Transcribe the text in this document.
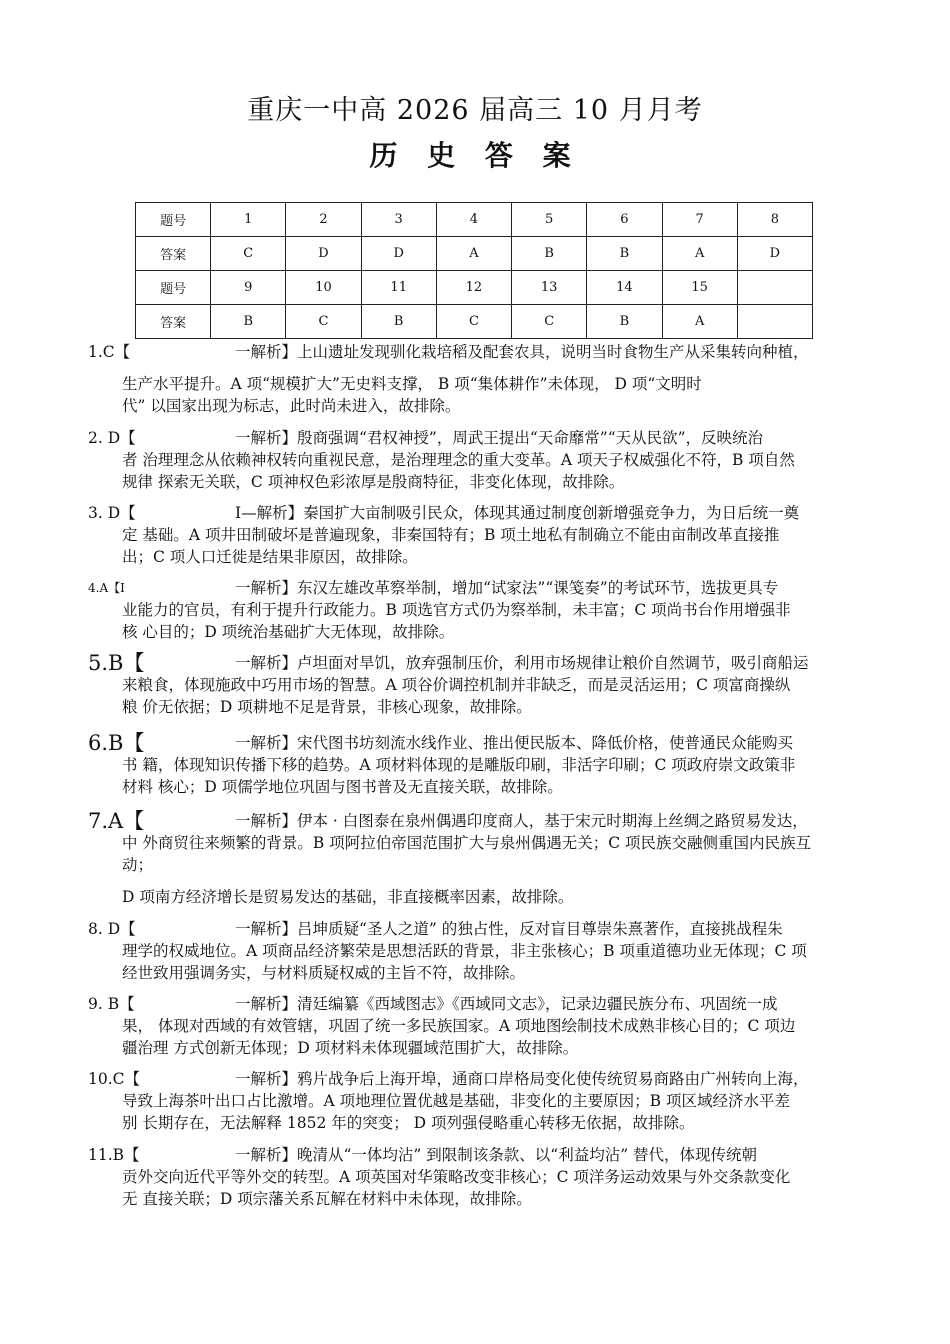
重庆一中高 2026 届高三 10 月月考
历 史 答 案
题号	1	2	3	4	5	6	7	8
答案	C	D	D	A	B	B	A	D
题号	9	10	11	12	13	14	15	
答案	B	C	B	C	C	B	A	
1.C【	一解析】上山遗址发现驯化栽培稻及配套农具，说明当时食物生产从采集转向种植，
生产水平提升。A 项“规模扩大”无史料支撑， B 项“集体耕作”未体现， D 项“文明时
代” 以国家出现为标志，此时尚未进入，故排除。
2. D【	一解析】殷商强调“君权神授”，周武王提出“天命靡常”“天从民欲”，反映统治
者 治理理念从依赖神权转向重视民意，是治理理念的重大变革。A 项天子权威强化不符，B 项自然
规律 探索无关联，C 项神权色彩浓厚是殷商特征，非变化体现，故排除。
3. D【	I—解析】秦国扩大亩制吸引民众，体现其通过制度创新增强竞争力，为日后统一奠
定 基础。A 项井田制破坏是普遍现象，非秦国特有；B 项土地私有制确立不能由亩制改革直接推
出；C 项人口迁徙是结果非原因，故排除。
4.A【I	一解析】东汉左雄改革察举制，增加“试家法”“课笺奏”的考试环节，选拔更具专
业能力的官员，有利于提升行政能力。B 项选官方式仍为察举制，未丰富；C 项尚书台作用增强非
核 心目的；D 项统治基础扩大无体现，故排除。
5.B【	一解析】卢坦面对旱饥，放弃强制压价，利用市场规律让粮价自然调节，吸引商船运
来粮食，体现施政中巧用市场的智慧。A 项谷价调控机制并非缺乏，而是灵活运用；C 项富商操纵
粮 价无依据；D 项耕地不足是背景，非核心现象，故排除。
6.B【	一解析】宋代图书坊刻流水线作业、推出便民版本、降低价格，使普通民众能购买
书 籍，体现知识传播下移的趋势。A 项材料体现的是雕版印刷，非活字印刷；C 项政府崇文政策非
材料 核心；D 项儒学地位巩固与图书普及无直接关联，故排除。
7.A【	一解析】伊本 · 白图泰在泉州偶遇印度商人，基于宋元时期海上丝绸之路贸易发达，
中 外商贸往来频繁的背景。B 项阿拉伯帝国范围扩大与泉州偶遇无关；C 项民族交融侧重国内民族互
动；
D 项南方经济增长是贸易发达的基础，非直接概率因素，故排除。
8. D【	一解析】吕坤质疑“圣人之道” 的独占性，反对盲目尊崇朱熹著作，直接挑战程朱
理学的权威地位。A 项商品经济繁荣是思想活跃的背景，非主张核心；B 项重道德功业无体现；C 项
经世致用强调务实，与材料质疑权威的主旨不符，故排除。
9. B【	一解析】清廷编纂《西域图志》《西域同文志》，记录边疆民族分布、巩固统一成
果， 体现对西域的有效管辖，巩固了统一多民族国家。A 项地图绘制技术成熟非核心目的；C 项边
疆治理 方式创新无体现；D 项材料未体现疆域范围扩大，故排除。
10.C【	一解析】鸦片战争后上海开埠，通商口岸格局变化使传统贸易商路由广州转向上海，
导致上海茶叶出口占比激增。A 项地理位置优越是基础，非变化的主要原因；B 项区域经济水平差
别 长期存在，无法解释 1852 年的突变； D 项列强侵略重心转移无依据，故排除。
11.B【	一解析】晚清从“一体均沾” 到限制该条款、以“利益均沾” 替代，体现传统朝
贡外交向近代平等外交的转型。A 项英国对华策略改变非核心；C 项洋务运动效果与外交条款变化
无 直接关联；D 项宗藩关系瓦解在材料中未体现，故排除。
